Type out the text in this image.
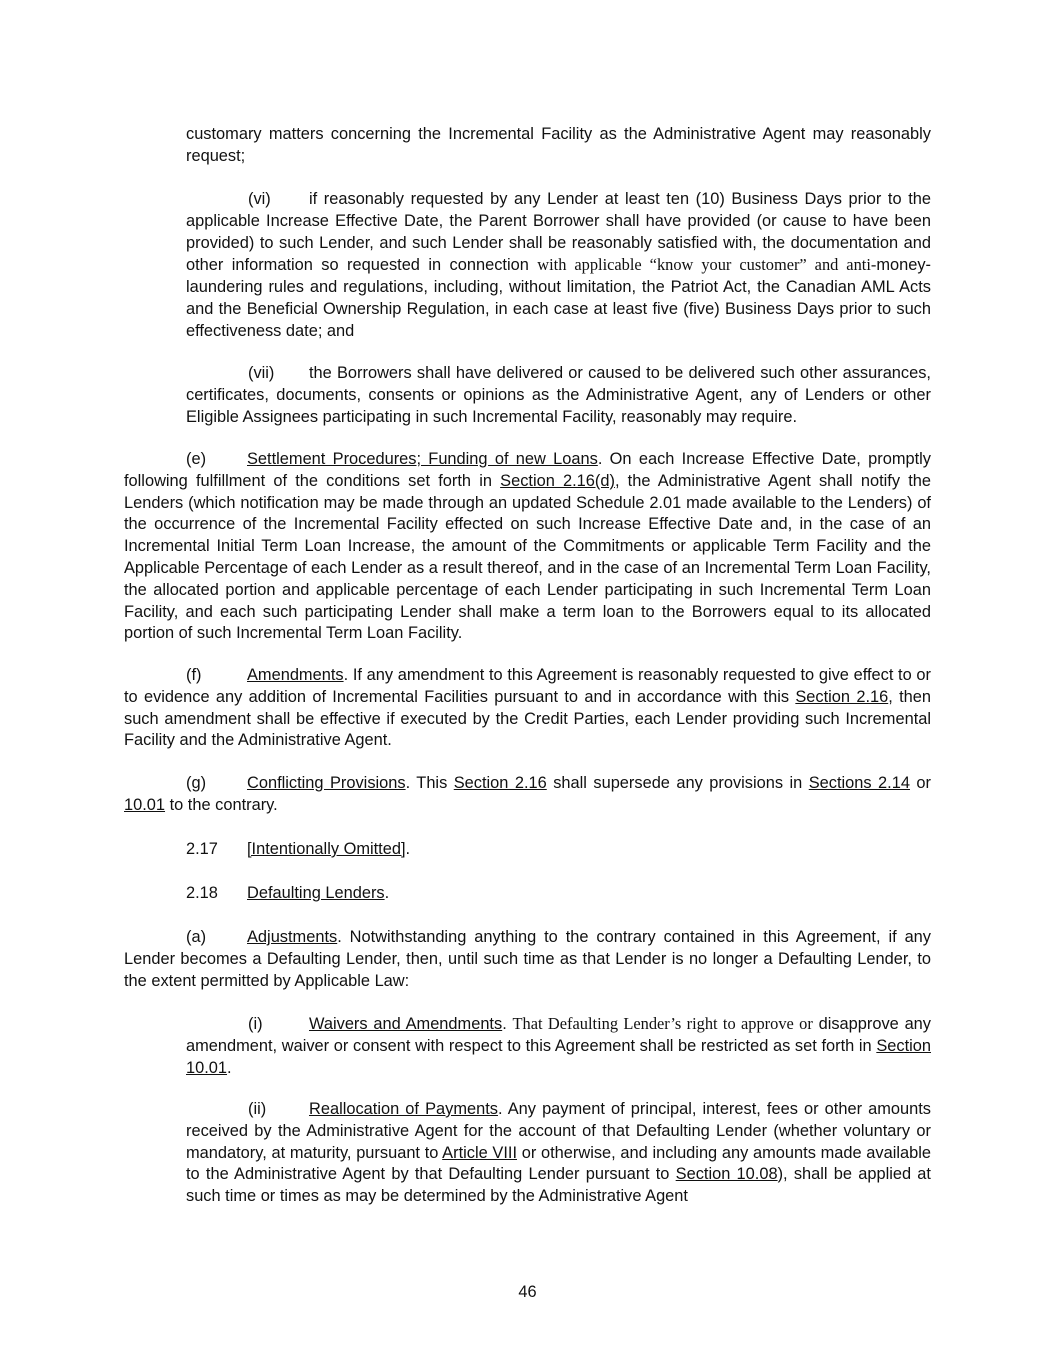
customary matters concerning the Incremental Facility as the Administrative Agent may reasonably request;

(vi) if reasonably requested by any Lender at least ten (10) Business Days prior to the applicable Increase Effective Date, the Parent Borrower shall have provided (or cause to have been provided) to such Lender, and such Lender shall be reasonably satisfied with, the documentation and other information so requested in connection with applicable “know your customer” and anti-money-laundering rules and regulations, including, without limitation, the Patriot Act, the Canadian AML Acts and the Beneficial Ownership Regulation, in each case at least five (five) Business Days prior to such effectiveness date; and

(vii) the Borrowers shall have delivered or caused to be delivered such other assurances, certificates, documents, consents or opinions as the Administrative Agent, any of Lenders or other Eligible Assignees participating in such Incremental Facility, reasonably may require.

(e) Settlement Procedures; Funding of new Loans. On each Increase Effective Date, promptly following fulfillment of the conditions set forth in Section 2.16(d), the Administrative Agent shall notify the Lenders (which notification may be made through an updated Schedule 2.01 made available to the Lenders) of the occurrence of the Incremental Facility effected on such Increase Effective Date and, in the case of an Incremental Initial Term Loan Increase, the amount of the Commitments or applicable Term Facility and the Applicable Percentage of each Lender as a result thereof, and in the case of an Incremental Term Loan Facility, the allocated portion and applicable percentage of each Lender participating in such Incremental Term Loan Facility, and each such participating Lender shall make a term loan to the Borrowers equal to its allocated portion of such Incremental Term Loan Facility.

(f)	Amendments. If any amendment to this Agreement is reasonably requested to give effect to or to evidence any addition of Incremental Facilities pursuant to and in accordance with this Section 2.16, then such amendment shall be effective if executed by the Credit Parties, each Lender providing such Incremental Facility and the Administrative Agent.

(g) Conflicting Provisions. This Section 2.16 shall supersede any provisions in Sections 2.14 or 10.01 to the contrary.

2.17 [Intentionally Omitted].

2.18 Defaulting Lenders.

(a) Adjustments. Notwithstanding anything to the contrary contained in this Agreement, if any Lender becomes a Defaulting Lender, then, until such time as that Lender is no longer a Defaulting Lender, to the extent permitted by Applicable Law:

(i)	Waivers and Amendments. That Defaulting Lender’s right to approve or disapprove any amendment, waiver or consent with respect to this Agreement shall be restricted as set forth in Section 10.01.

(ii)	Reallocation of Payments. Any payment of principal, interest, fees or other amounts received by the Administrative Agent for the account of that Defaulting Lender (whether voluntary or mandatory, at maturity, pursuant to Article VIII or otherwise, and including any amounts made available to the Administrative Agent by that Defaulting Lender pursuant to Section 10.08), shall be applied at such time or times as may be determined by the Administrative Agent

46
